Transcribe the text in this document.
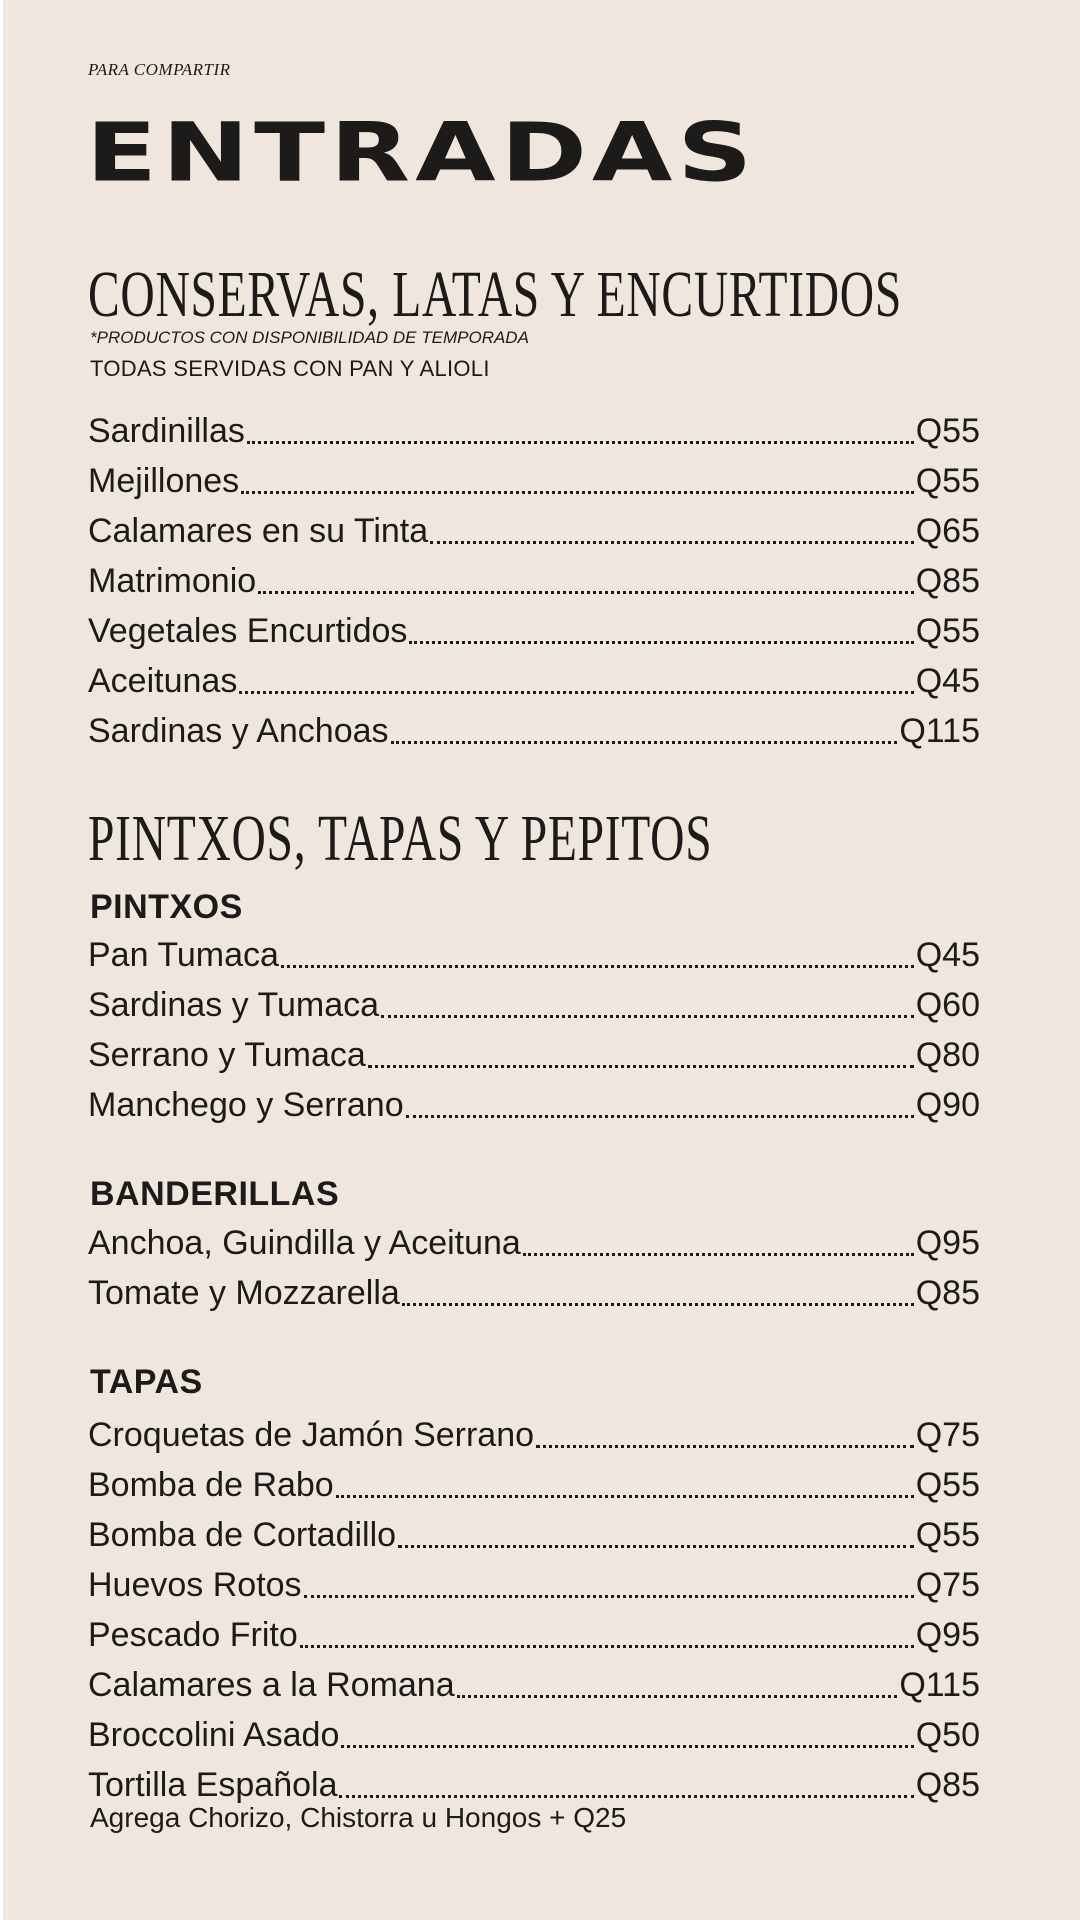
PARA COMPARTIR
ENTRADAS
CONSERVAS, LATAS Y ENCURTIDOS
*PRODUCTOS CON DISPONIBILIDAD DE TEMPORADA
TODAS SERVIDAS CON PAN Y ALIOLI
Sardinillas	Q55
Mejillones	Q55
Calamares en su Tinta	Q65
Matrimonio	Q85
Vegetales Encurtidos	Q55
Aceitunas	Q45
Sardinas y Anchoas	Q115
PINTXOS, TAPAS Y PEPITOS
PINTXOS
Pan Tumaca	Q45
Sardinas y Tumaca	Q60
Serrano y Tumaca	Q80
Manchego y Serrano	Q90
BANDERILLAS
Anchoa, Guindilla y Aceituna	Q95
Tomate y Mozzarella	Q85
TAPAS
Croquetas de Jamón Serrano	Q75
Bomba de Rabo	Q55
Bomba de Cortadillo	Q55
Huevos Rotos	Q75
Pescado Frito	Q95
Calamares a la Romana	Q115
Broccolini Asado	Q50
Tortilla Española	Q85
Agrega Chorizo, Chistorra u Hongos + Q25
